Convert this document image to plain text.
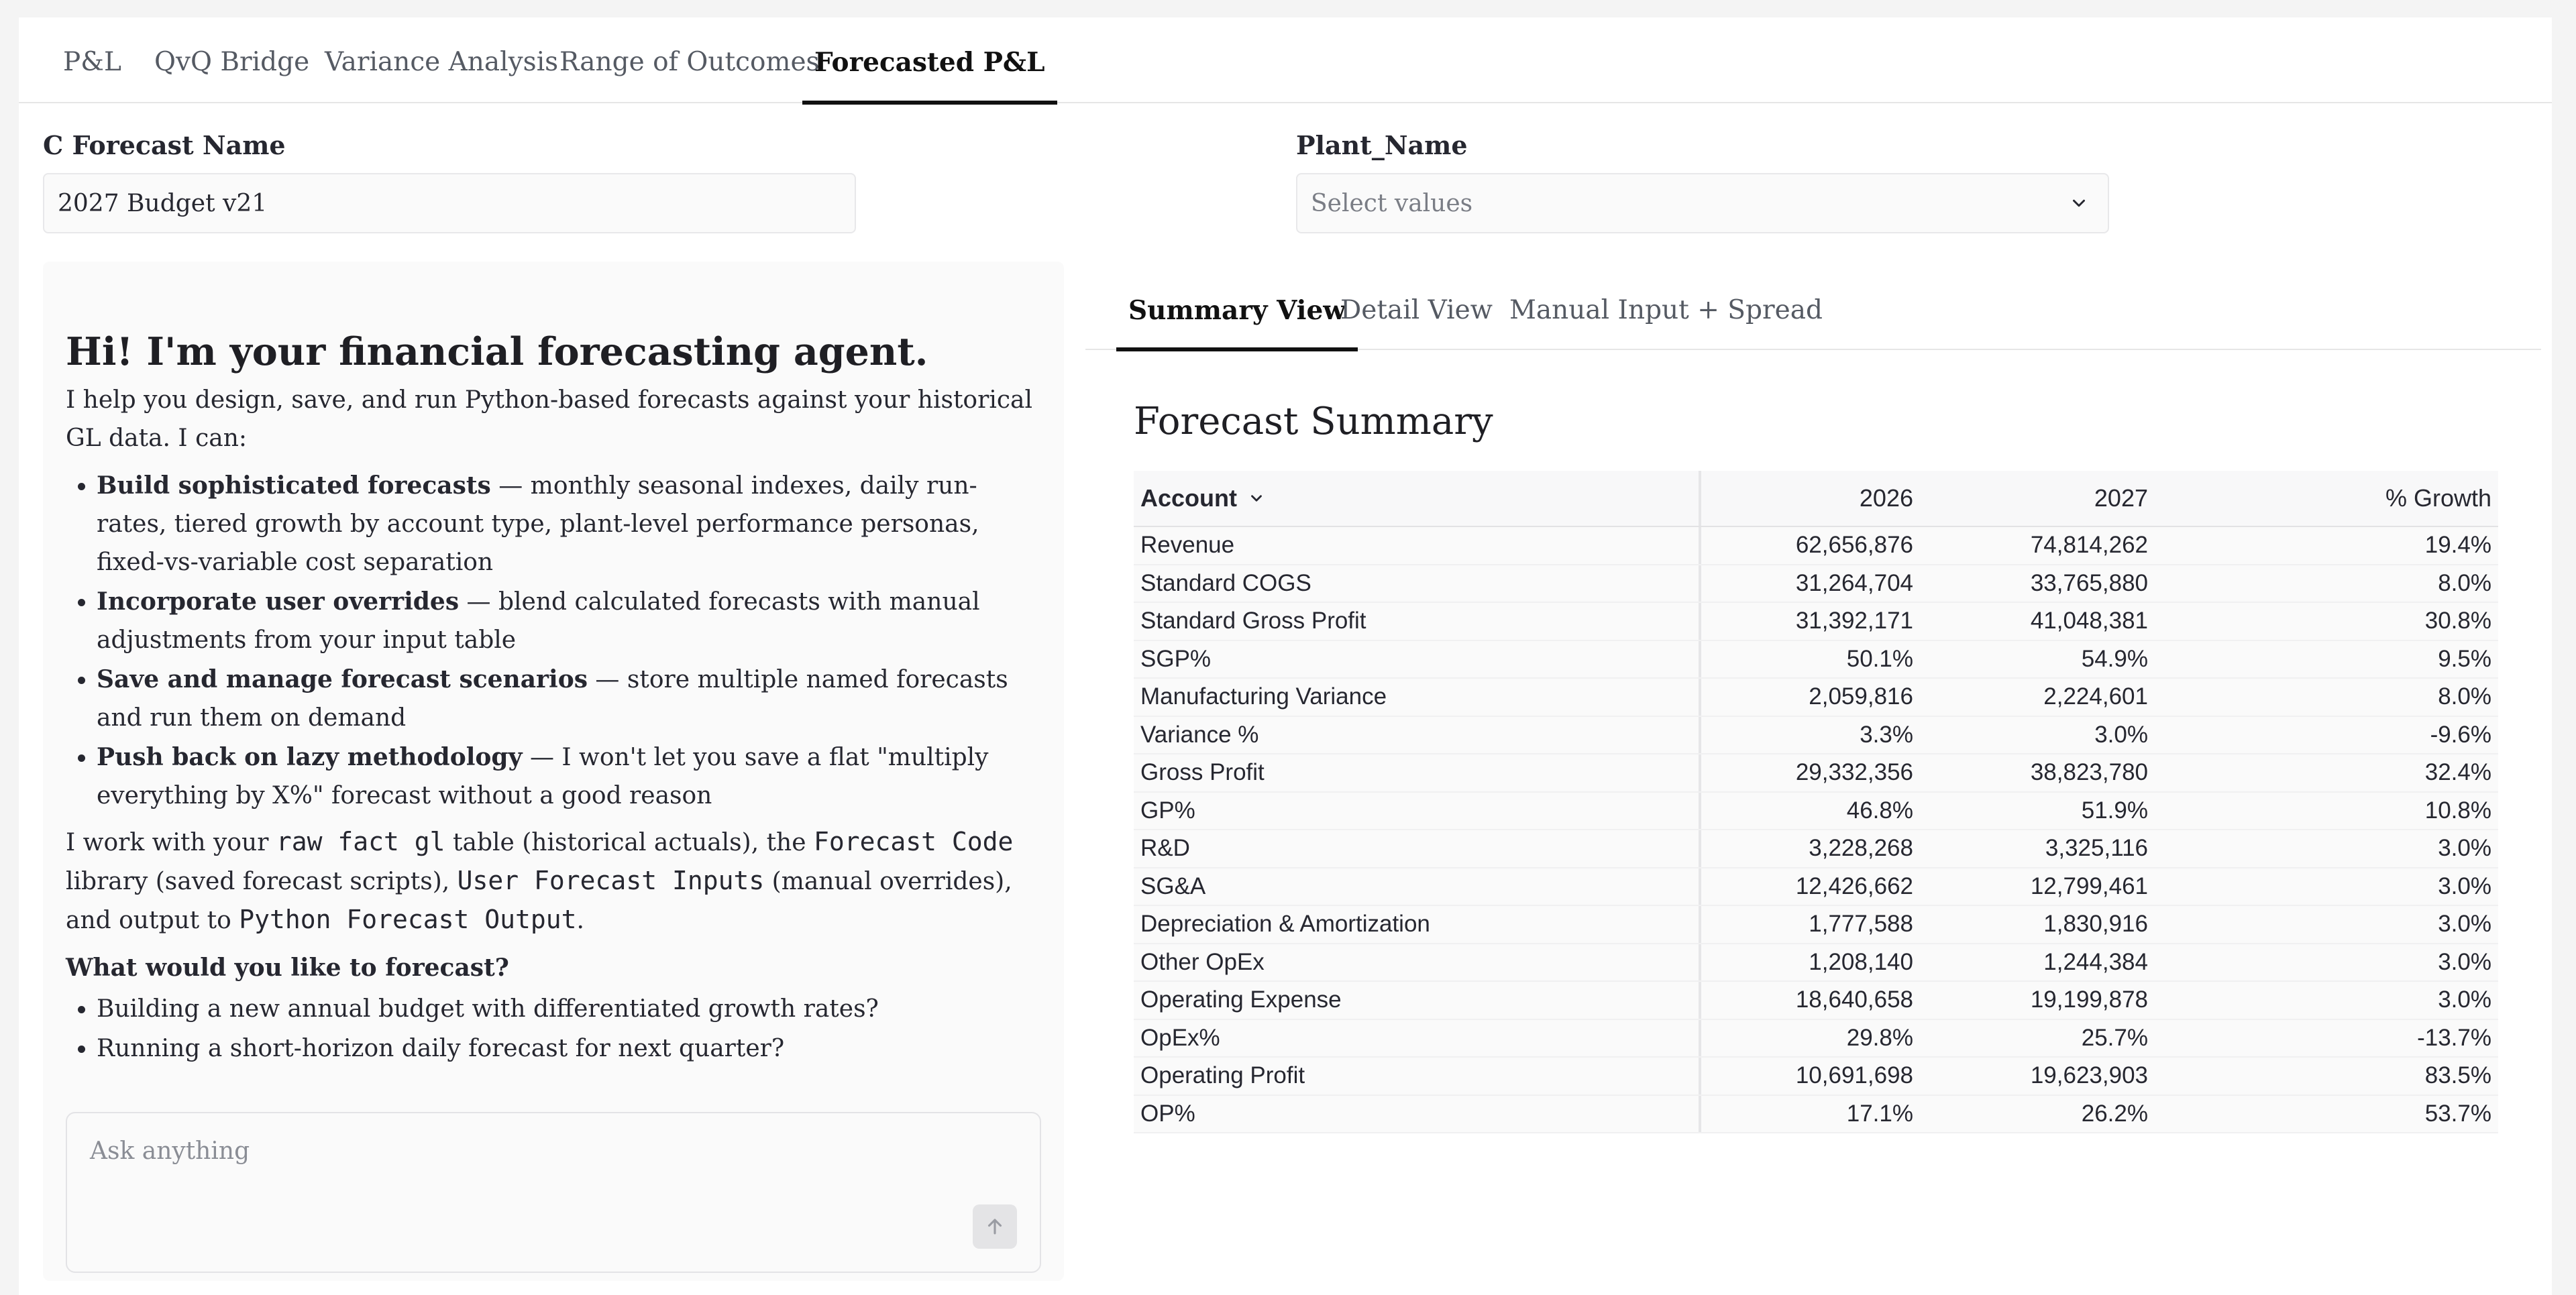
P&L QvQ Bridge Variance Analysis Range of Outcomes
Forecasted P&L
C Forecast Name
2027 Budget v21
Plant_Name
Select values
Hi! I'm your financial forecasting agent.

I help you design, save, and run Python-based forecasts against your historical GL data. I can:

• Build sophisticated forecasts — monthly seasonal indexes, daily run-rates, tiered growth by account type, plant-level performance personas, fixed-vs-variable cost separation
• Incorporate user overrides — blend calculated forecasts with manual adjustments from your input table
• Save and manage forecast scenarios — store multiple named forecasts and run them on demand
• Push back on lazy methodology — I won't let you save a flat "multiply everything by X%" forecast without a good reason

I work with your raw fact gl table (historical actuals), the Forecast Code library (saved forecast scripts), User Forecast Inputs (manual overrides), and output to Python Forecast Output.

What would you like to forecast?

• Building a new annual budget with differentiated growth rates?
• Running a short-horizon daily forecast for next quarter?
Ask anything
Summary View
Detail View Manual Input + Spread
Forecast Summary
Account	2026	2027	% Growth
Revenue	62,656,876	74,814,262	19.4%
Standard COGS	31,264,704	33,765,880	8.0%
Standard Gross Profit	31,392,171	41,048,381	30.8%
SGP%	50.1%	54.9%	9.5%
Manufacturing Variance	2,059,816	2,224,601	8.0%
Variance %	3.3%	3.0%	-9.6%
Gross Profit	29,332,356	38,823,780	32.4%
GP%	46.8%	51.9%	10.8%
R&D	3,228,268	3,325,116	3.0%
SG&A	12,426,662	12,799,461	3.0%
Depreciation & Amortization	1,777,588	1,830,916	3.0%
Other OpEx	1,208,140	1,244,384	3.0%
Operating Expense	18,640,658	19,199,878	3.0%
OpEx%	29.8%	25.7%	-13.7%
Operating Profit	10,691,698	19,623,903	83.5%
OP%	17.1%	26.2%	53.7%
